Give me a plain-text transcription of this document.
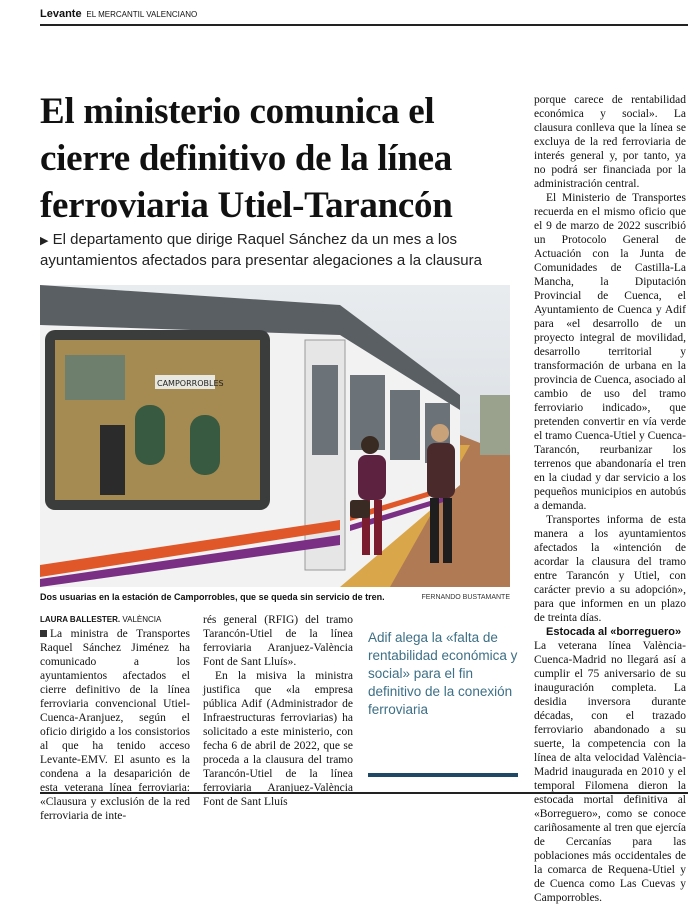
Levante EL MERCANTIL VALENCIANO
El ministerio comunica el cierre definitivo de la línea ferroviaria Utiel-Tarancón
▶ El departamento que dirige Raquel Sánchez da un mes a los ayuntamientos afectados para presentar alegaciones a la clausura
CAMPORROBLES
Dos usuarias en la estación de Camporrobles, que se queda sin servicio de tren.	FERNANDO BUSTAMANTE
LAURA BALLESTER. VALÈNCIA

La ministra de Transportes Raquel Sánchez Jiménez ha comunicado a los ayuntamientos afectados el cierre definitivo de la línea ferroviaria convencional Utiel-Cuenca-Aranjuez, según el oficio dirigido a los consistorios al que ha tenido acceso Levante-EMV. El asunto es la condena a la desaparición de esta veterana línea ferroviaria: «Clausura y exclusión de la red ferroviaria de inte-

rés general (RFIG) del tramo Tarancón-Utiel de la línea ferroviaria Aranjuez-València Font de Sant Lluís».

En la misiva la ministra justifica que «la empresa pública Adif (Administrador de Infraestructuras ferroviarias) ha solicitado a este ministerio, con fecha 6 de abril de 2022, que se proceda a la clausura del tramo Tarancón-Utiel de la línea ferroviaria Aranjuez-València Font de Sant Lluís

Adif alega la «falta de rentabilidad económica y social» para el fin definitivo de la conexión ferroviaria

porque carece de rentabilidad económica y social». La clausura conlleva que la línea se excluya de la red ferroviaria de interés general y, por tanto, ya no podrá ser financiada por la administración central.

El Ministerio de Transportes recuerda en el mismo oficio que el 9 de marzo de 2022 suscribió un Protocolo General de Actuación con la Junta de Comunidades de Castilla-La Mancha, la Diputación Provincial de Cuenca, el Ayuntamiento de Cuenca y Adif para «el desarrollo de un proyecto integral de movilidad, desarrollo territorial y transformación de urbana en la provincia de Cuenca, asociado al cambio de uso del tramo ferroviario indicado», que pretenden convertir en vía verde el tramo Cuenca-Utiel y Cuenca-Tarancón, reurbanizar los terrenos que abandonaría el tren en la ciudad y dar servicio a los pequeños municipios en autobús a demanda.

Transportes informa de esta manera a los ayuntamientos afectados la «intención de acordar la clausura del tramo entre Tarancón y Utiel, con carácter previo a su adopción», para que informen en un plazo de treinta días.

Estocada al «borreguero»

La veterana línea València-Cuenca-Madrid no llegará así a cumplir el 75 aniversario de su inauguración completa. La desidia inversora durante décadas, con el trazado ferroviario abandonado a su suerte, la competencia con la línea de alta velocidad València-Madrid inaugurada en 2010 y el temporal Filomena dieron la estocada mortal definitiva al «Borreguero», como se conoce cariñosamente al tren que ejercía de Cercanías para las poblaciones más occidentales de la comarca de Requena-Utiel y de Cuenca como Las Cuevas y Camporrobles.
